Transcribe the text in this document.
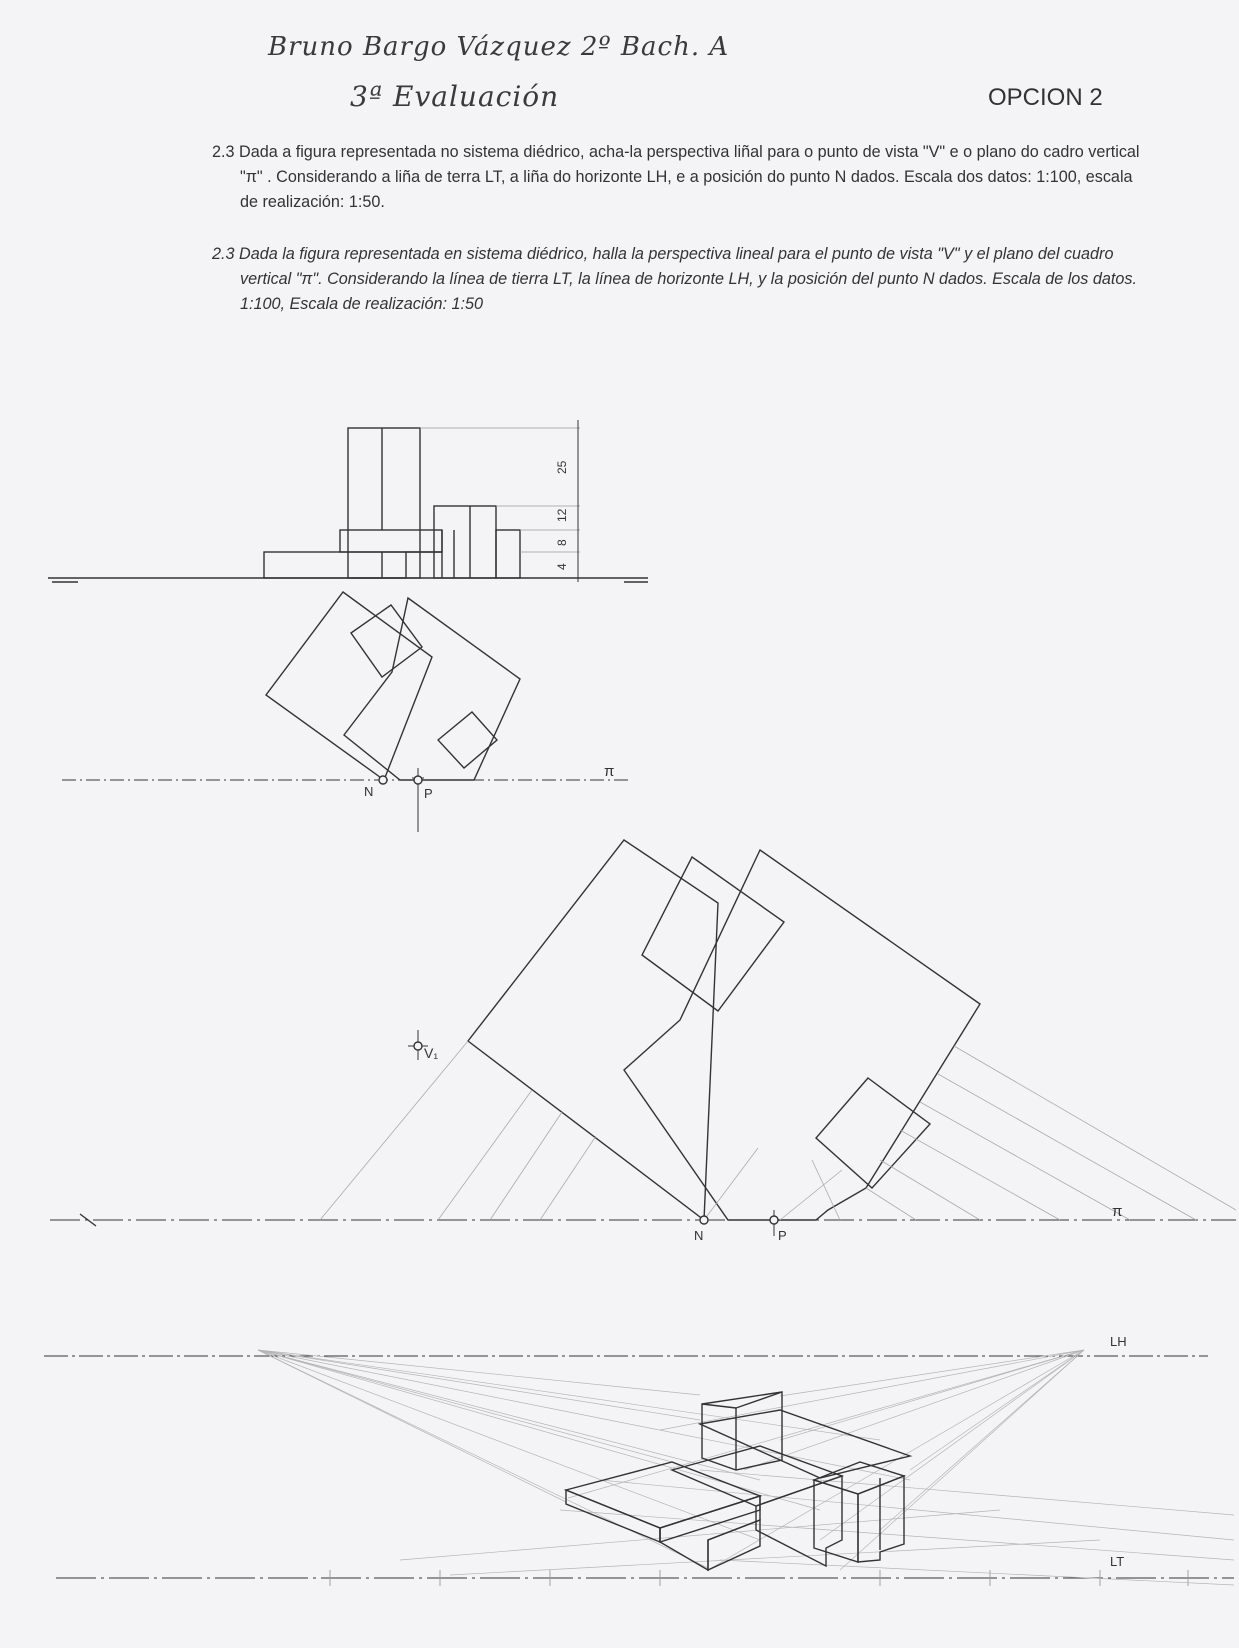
Bruno Bargo Vázquez 2º Bach. A
3ª Evaluación	OPCION 2
2.3 Dada a figura representada no sistema diédrico, acha-la perspectiva liñal para o punto de vista "V" e o plano do cadro vertical "π" . Considerando a liña de terra LT, a liña do horizonte LH, e a posición do punto N dados. Escala dos datos: 1:100, escala de realización: 1:50.
2.3 Dada la figura representada en sistema diédrico, halla la perspectiva lineal para el punto de vista "V" y el plano del cuadro vertical "π". Considerando la línea de tierra LT, la línea de horizonte LH, y la posición del punto N dados. Escala de los datos. 1:100, Escala de realización: 1:50
25
12
8
4
N	P
π
N	P
π
V₁
LH
LT
